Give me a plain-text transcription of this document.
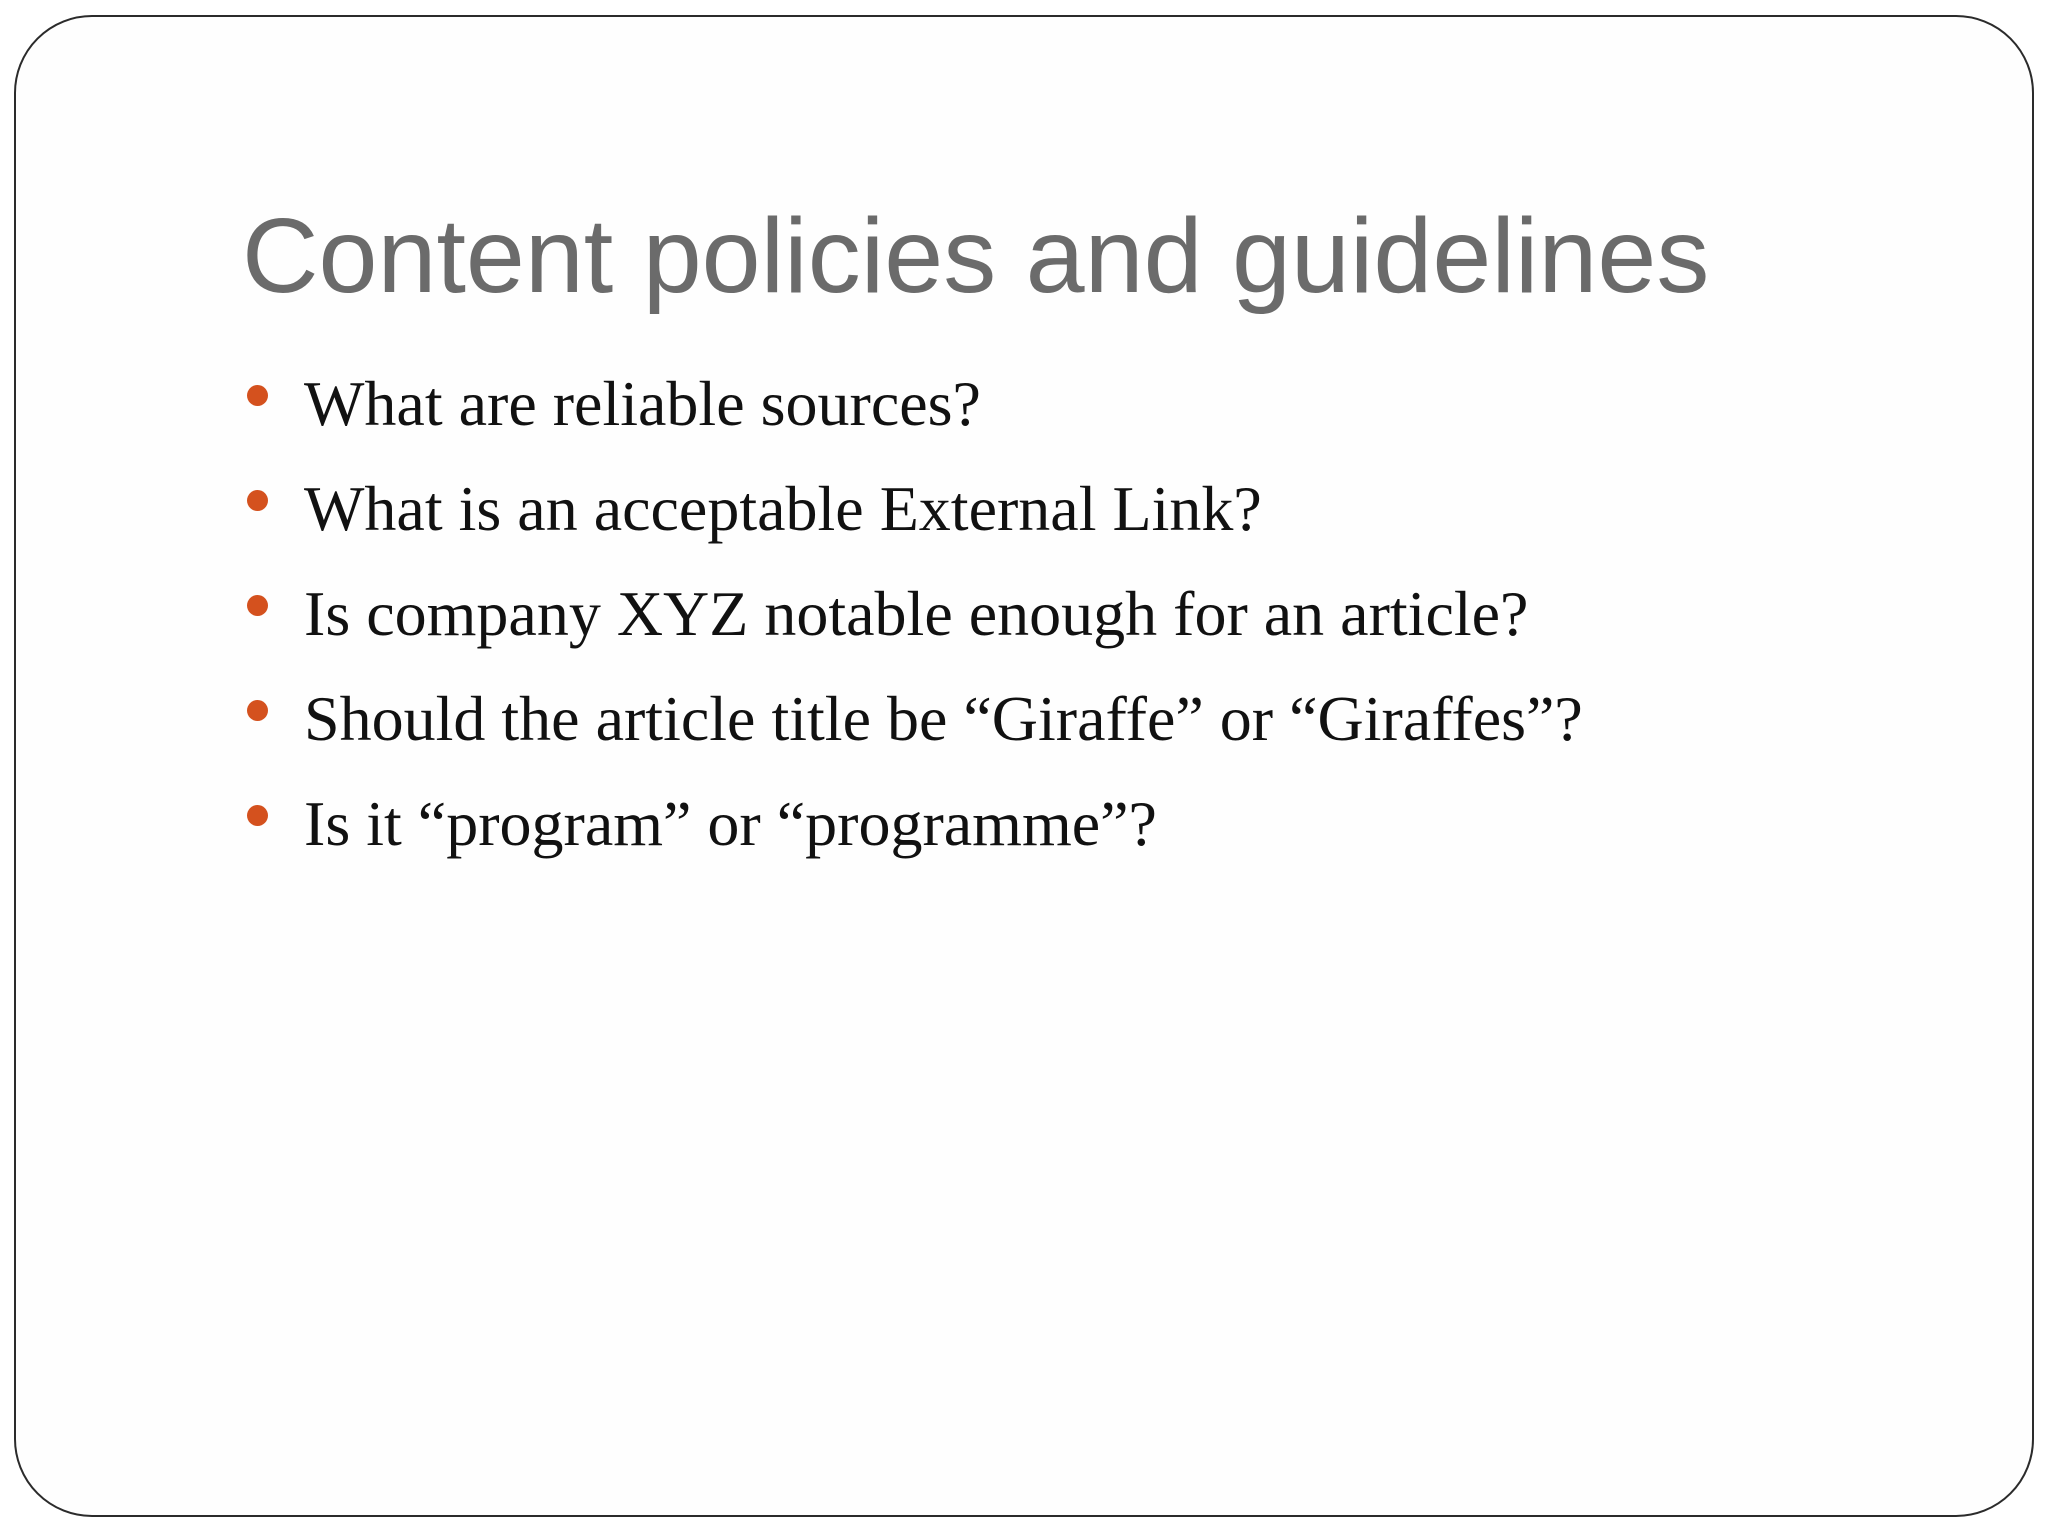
Content policies and guidelines
What are reliable sources?
What is an acceptable External Link?
Is company XYZ notable enough for an article?
Should the article title be “Giraffe” or “Giraffes”?
Is it “program” or “programme”?
